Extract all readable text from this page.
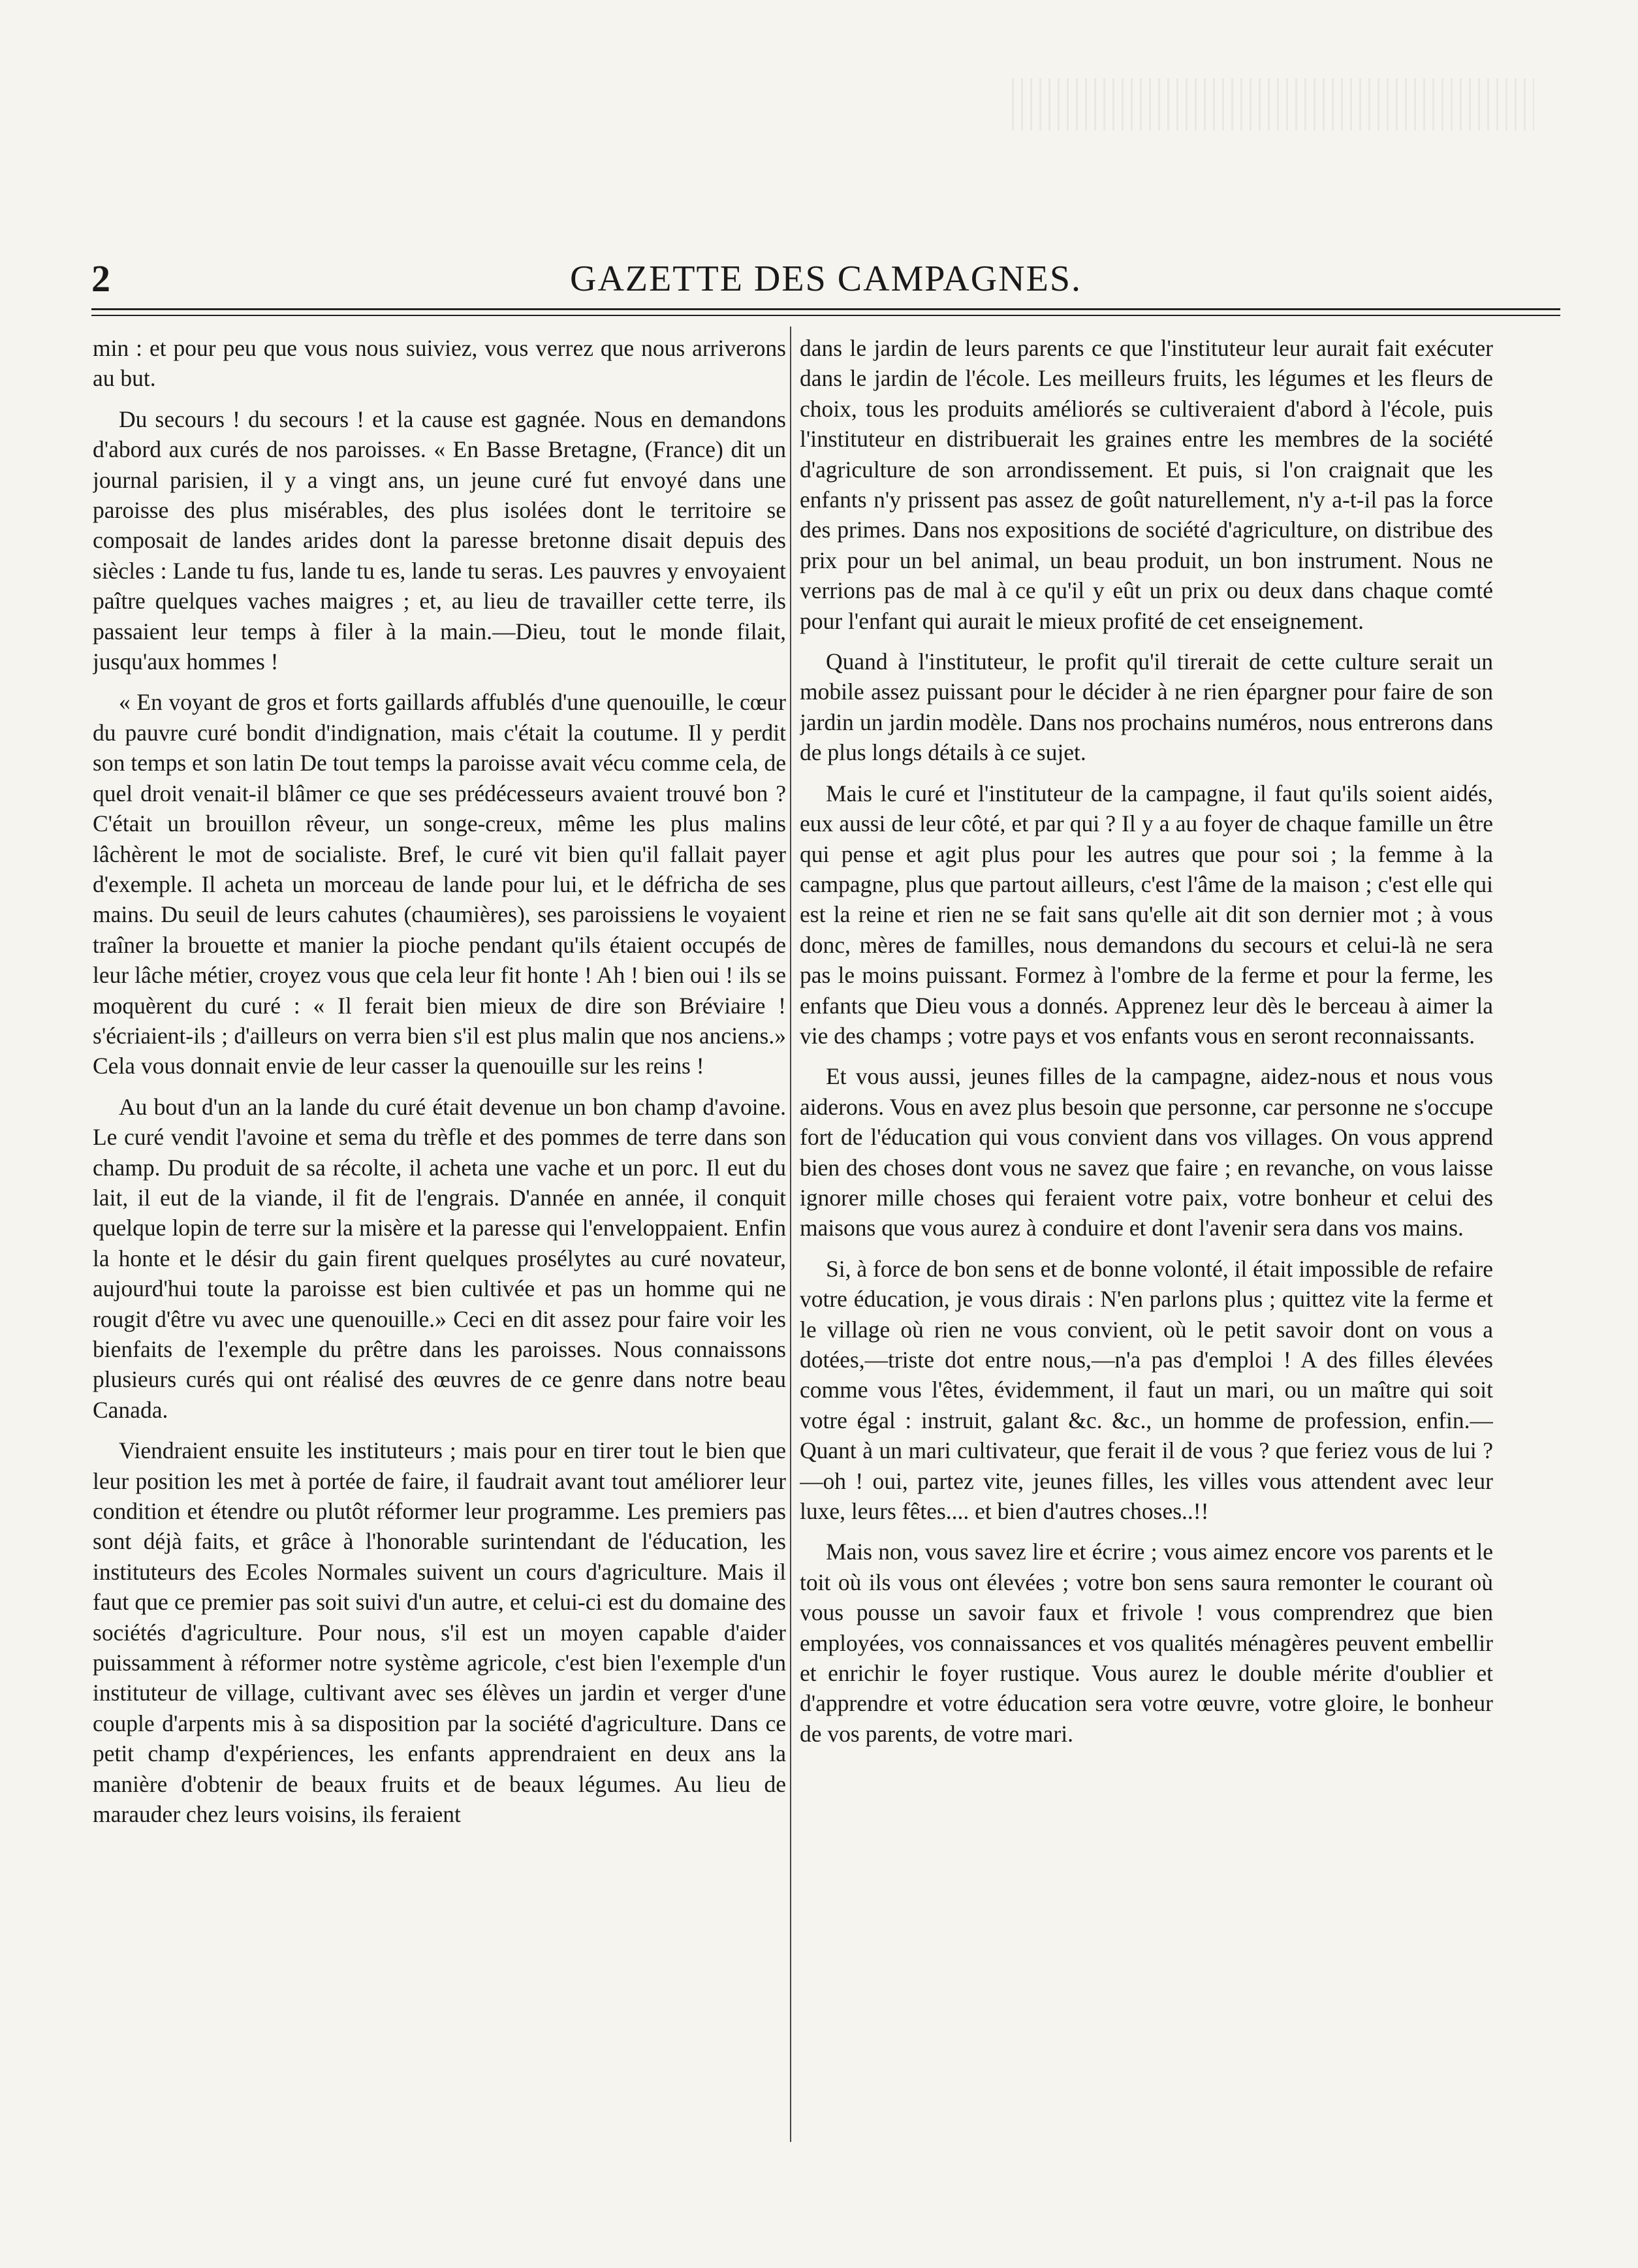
2	GAZETTE DES CAMPAGNES.

min : et pour peu que vous nous suiviez, vous verrez que nous arriverons au but.

Du secours ! du secours ! et la cause est gagnée. Nous en demandons d'abord aux curés de nos paroisses. « En Basse Bretagne, (France) dit un journal parisien, il y a vingt ans, un jeune curé fut envoyé dans une paroisse des plus misérables, des plus isolées dont le territoire se composait de landes arides dont la paresse bretonne disait depuis des siècles : Lande tu fus, lande tu es, lande tu seras. Les pauvres y envoyaient paître quelques vaches maigres ; et, au lieu de travailler cette terre, ils passaient leur temps à filer à la main.—Dieu, tout le monde filait, jusqu'aux hommes !

« En voyant de gros et forts gaillards affublés d'une quenouille, le cœur du pauvre curé bondit d'indignation, mais c'était la coutume. Il y perdit son temps et son latin De tout temps la paroisse avait vécu comme cela, de quel droit venait-il blâmer ce que ses prédécesseurs avaient trouvé bon ? C'était un brouillon rêveur, un songe-creux, même les plus malins lâchèrent le mot de socialiste. Bref, le curé vit bien qu'il fallait payer d'exemple. Il acheta un morceau de lande pour lui, et le défricha de ses mains. Du seuil de leurs cahutes (chaumières), ses paroissiens le voyaient traîner la brouette et manier la pioche pendant qu'ils étaient occupés de leur lâche métier, croyez vous que cela leur fit honte ! Ah ! bien oui ! ils se moquèrent du curé : « Il ferait bien mieux de dire son Bréviaire ! s'écriaient-ils ; d'ailleurs on verra bien s'il est plus malin que nos anciens.» Cela vous donnait envie de leur casser la quenouille sur les reins !

Au bout d'un an la lande du curé était devenue un bon champ d'avoine. Le curé vendit l'avoine et sema du trèfle et des pommes de terre dans son champ. Du produit de sa récolte, il acheta une vache et un porc. Il eut du lait, il eut de la viande, il fit de l'engrais. D'année en année, il conquit quelque lopin de terre sur la misère et la paresse qui l'enveloppaient. Enfin la honte et le désir du gain firent quelques prosélytes au curé novateur, aujourd'hui toute la paroisse est bien cultivée et pas un homme qui ne rougit d'être vu avec une quenouille.» Ceci en dit assez pour faire voir les bienfaits de l'exemple du prêtre dans les paroisses. Nous connaissons plusieurs curés qui ont réalisé des œuvres de ce genre dans notre beau Canada.

Viendraient ensuite les instituteurs ; mais pour en tirer tout le bien que leur position les met à portée de faire, il faudrait avant tout améliorer leur condition et étendre ou plutôt réformer leur programme. Les premiers pas sont déjà faits, et grâce à l'honorable surintendant de l'éducation, les instituteurs des Ecoles Normales suivent un cours d'agriculture. Mais il faut que ce premier pas soit suivi d'un autre, et celui-ci est du domaine des sociétés d'agriculture. Pour nous, s'il est un moyen capable d'aider puissamment à réformer notre système agricole, c'est bien l'exemple d'un instituteur de village, cultivant avec ses élèves un jardin et verger d'une couple d'arpents mis à sa disposition par la société d'agriculture. Dans ce petit champ d'expériences, les enfants apprendraient en deux ans la manière d'obtenir de beaux fruits et de beaux légumes. Au lieu de marauder chez leurs voisins, ils feraient

dans le jardin de leurs parents ce que l'instituteur leur aurait fait exécuter dans le jardin de l'école. Les meilleurs fruits, les légumes et les fleurs de choix, tous les produits améliorés se cultiveraient d'abord à l'école, puis l'instituteur en distribuerait les graines entre les membres de la société d'agriculture de son arrondissement. Et puis, si l'on craignait que les enfants n'y prissent pas assez de goût naturellement, n'y a-t-il pas la force des primes. Dans nos expositions de société d'agriculture, on distribue des prix pour un bel animal, un beau produit, un bon instrument. Nous ne verrions pas de mal à ce qu'il y eût un prix ou deux dans chaque comté pour l'enfant qui aurait le mieux profité de cet enseignement.

Quand à l'instituteur, le profit qu'il tirerait de cette culture serait un mobile assez puissant pour le décider à ne rien épargner pour faire de son jardin un jardin modèle. Dans nos prochains numéros, nous entrerons dans de plus longs détails à ce sujet.

Mais le curé et l'instituteur de la campagne, il faut qu'ils soient aidés, eux aussi de leur côté, et par qui ? Il y a au foyer de chaque famille un être qui pense et agit plus pour les autres que pour soi ; la femme à la campagne, plus que partout ailleurs, c'est l'âme de la maison ; c'est elle qui est la reine et rien ne se fait sans qu'elle ait dit son dernier mot ; à vous donc, mères de familles, nous demandons du secours et celui-là ne sera pas le moins puissant. Formez à l'ombre de la ferme et pour la ferme, les enfants que Dieu vous a donnés. Apprenez leur dès le berceau à aimer la vie des champs ; votre pays et vos enfants vous en seront reconnaissants.

Et vous aussi, jeunes filles de la campagne, aidez-nous et nous vous aiderons. Vous en avez plus besoin que personne, car personne ne s'occupe fort de l'éducation qui vous convient dans vos villages. On vous apprend bien des choses dont vous ne savez que faire ; en revanche, on vous laisse ignorer mille choses qui feraient votre paix, votre bonheur et celui des maisons que vous aurez à conduire et dont l'avenir sera dans vos mains.

Si, à force de bon sens et de bonne volonté, il était impossible de refaire votre éducation, je vous dirais : N'en parlons plus ; quittez vite la ferme et le village où rien ne vous convient, où le petit savoir dont on vous a dotées,—triste dot entre nous,—n'a pas d'emploi ! A des filles élevées comme vous l'êtes, évidemment, il faut un mari, ou un maître qui soit votre égal : instruit, galant &c. &c., un homme de profession, enfin.—Quant à un mari cultivateur, que ferait il de vous ? que feriez vous de lui ? —oh ! oui, partez vite, jeunes filles, les villes vous attendent avec leur luxe, leurs fêtes.... et bien d'autres choses..!!

Mais non, vous savez lire et écrire ; vous aimez encore vos parents et le toit où ils vous ont élevées ; votre bon sens saura remonter le courant où vous pousse un savoir faux et frivole ! vous comprendrez que bien employées, vos connaissances et vos qualités ménagères peuvent embellir et enrichir le foyer rustique. Vous aurez le double mérite d'oublier et d'apprendre et votre éducation sera votre œuvre, votre gloire, le bonheur de vos parents, de votre mari.
